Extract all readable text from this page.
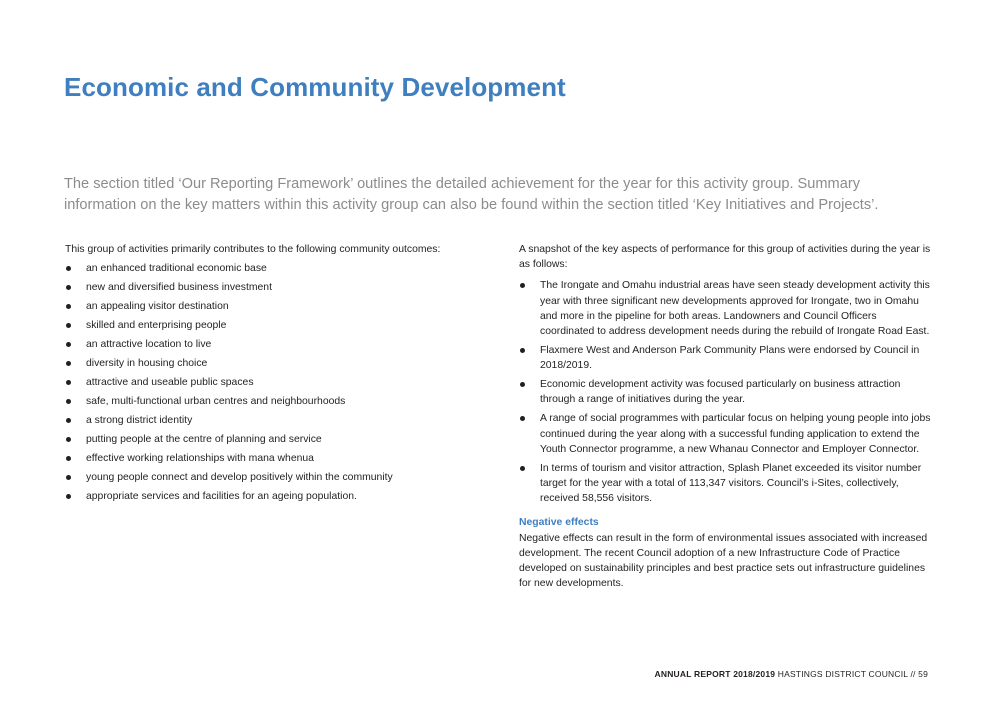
Economic and Community Development

The section titled ‘Our Reporting Framework’ outlines the detailed achievement for the year for this activity group. Summary information on the key matters within this activity group can also be found within the section titled ‘Key Initiatives and Projects’.

This group of activities primarily contributes to the following community outcomes:

an enhanced traditional economic base
new and diversified business investment
an appealing visitor destination
skilled and enterprising people
an attractive location to live
diversity in housing choice
attractive and useable public spaces
safe, multi-functional urban centres and neighbourhoods
a strong district identity
putting people at the centre of planning and service
effective working relationships with mana whenua
young people connect and develop positively within the community
appropriate services and facilities for an ageing population.

A snapshot of the key aspects of performance for this group of activities during the year is as follows:

The Irongate and Omahu industrial areas have seen steady development activity this year with three significant new developments approved for Irongate, two in Omahu and more in the pipeline for both areas. Landowners and Council Officers coordinated to address development needs during the rebuild of Irongate Road East.
Flaxmere West and Anderson Park Community Plans were endorsed by Council in 2018/2019.
Economic development activity was focused particularly on business attraction through a range of initiatives during the year.
A range of social programmes with particular focus on helping young people into jobs continued during the year along with a successful funding application to extend the Youth Connector programme, a new Whanau Connector and Employer Connector.
In terms of tourism and visitor attraction, Splash Planet exceeded its visitor number target for the year with a total of 113,347 visitors. Council’s i-Sites, collectively, received 58,556 visitors.

Negative effects

Negative effects can result in the form of environmental issues associated with increased development. The recent Council adoption of a new Infrastructure Code of Practice developed on sustainability principles and best practice sets out infrastructure guidelines for new developments.

ANNUAL REPORT 2018/2019 HASTINGS DISTRICT COUNCIL // 59
